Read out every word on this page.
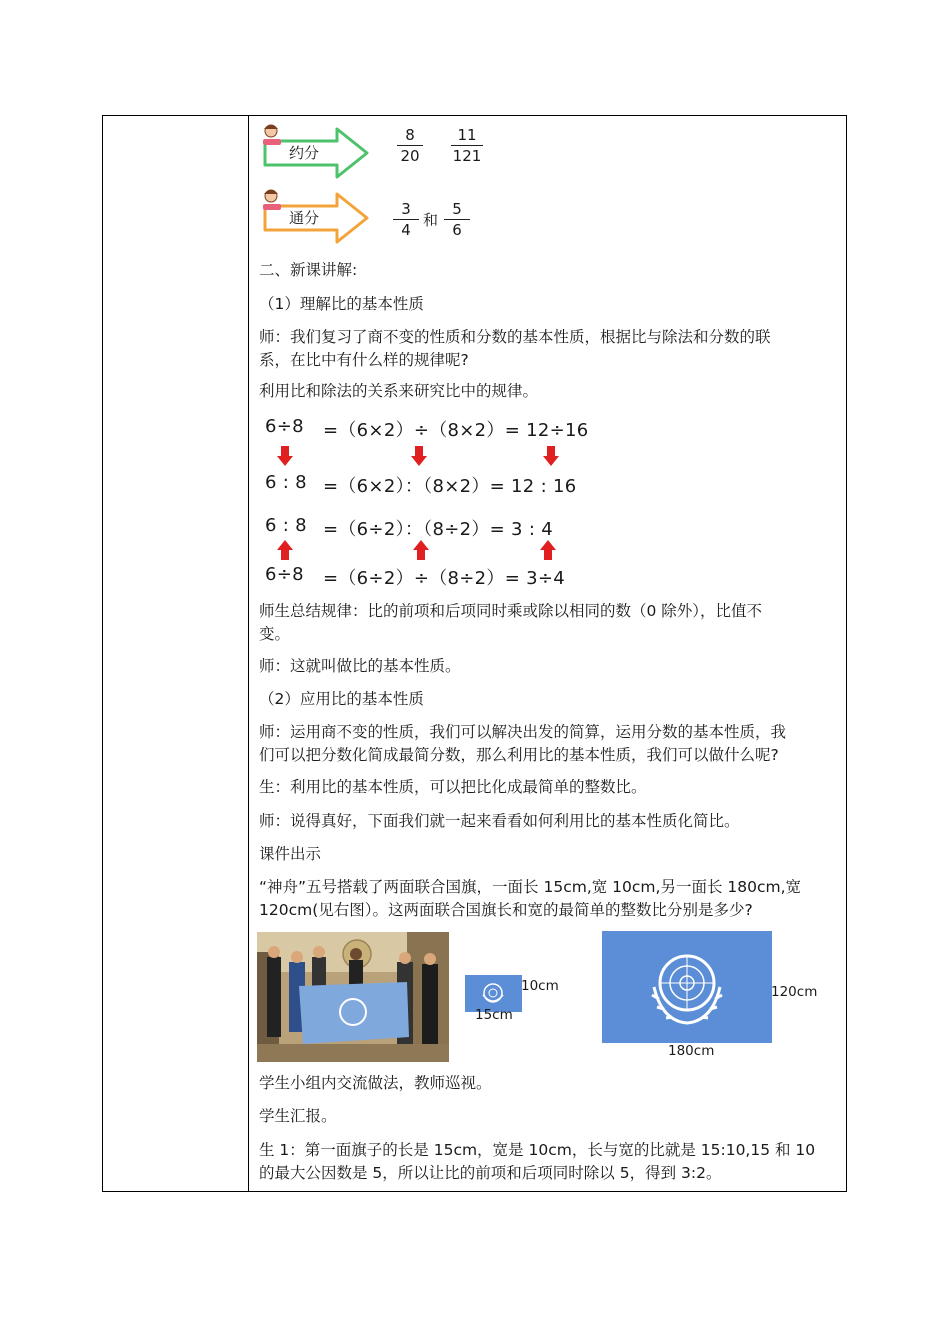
约分
8
20
11
121
通分	3
4
和
5
6
二、新课讲解:
（1）理解比的基本性质
师：我们复习了商不变的性质和分数的基本性质，根据比与除法和分数的联
系，在比中有什么样的规律呢?
利用比和除法的关系来研究比中的规律。
6÷8 =（6×2）÷（8×2）= 12÷16
6 : 8 =（6×2）：（8×2）= 12 : 16
6 : 8 =（6÷2）：（8÷2）= 3 : 4
6÷8 =（6÷2）÷（8÷2）= 3÷4
师生总结规律：比的前项和后项同时乘或除以相同的数（0 除外），比值不
变。
师：这就叫做比的基本性质。
（2）应用比的基本性质
师：运用商不变的性质，我们可以解决出发的简算，运用分数的基本性质，我
们可以把分数化简成最简分数，那么利用比的基本性质，我们可以做什么呢?
生：利用比的基本性质，可以把比化成最简单的整数比。
师：说得真好，下面我们就一起来看看如何利用比的基本性质化简比。
课件出示
“神舟”五号搭载了两面联合国旗，一面长 15cm,宽 10cm,另一面长 180cm,宽
120cm(见右图）。这两面联合国旗长和宽的最简单的整数比分别是多少?
10cm
15cm
120cm
180cm
学生小组内交流做法，教师巡视。
学生汇报。
生 1：第一面旗子的长是 15cm，宽是 10cm，长与宽的比就是 15:10,15 和 10
的最大公因数是 5，所以让比的前项和后项同时除以 5，得到 3:2。
